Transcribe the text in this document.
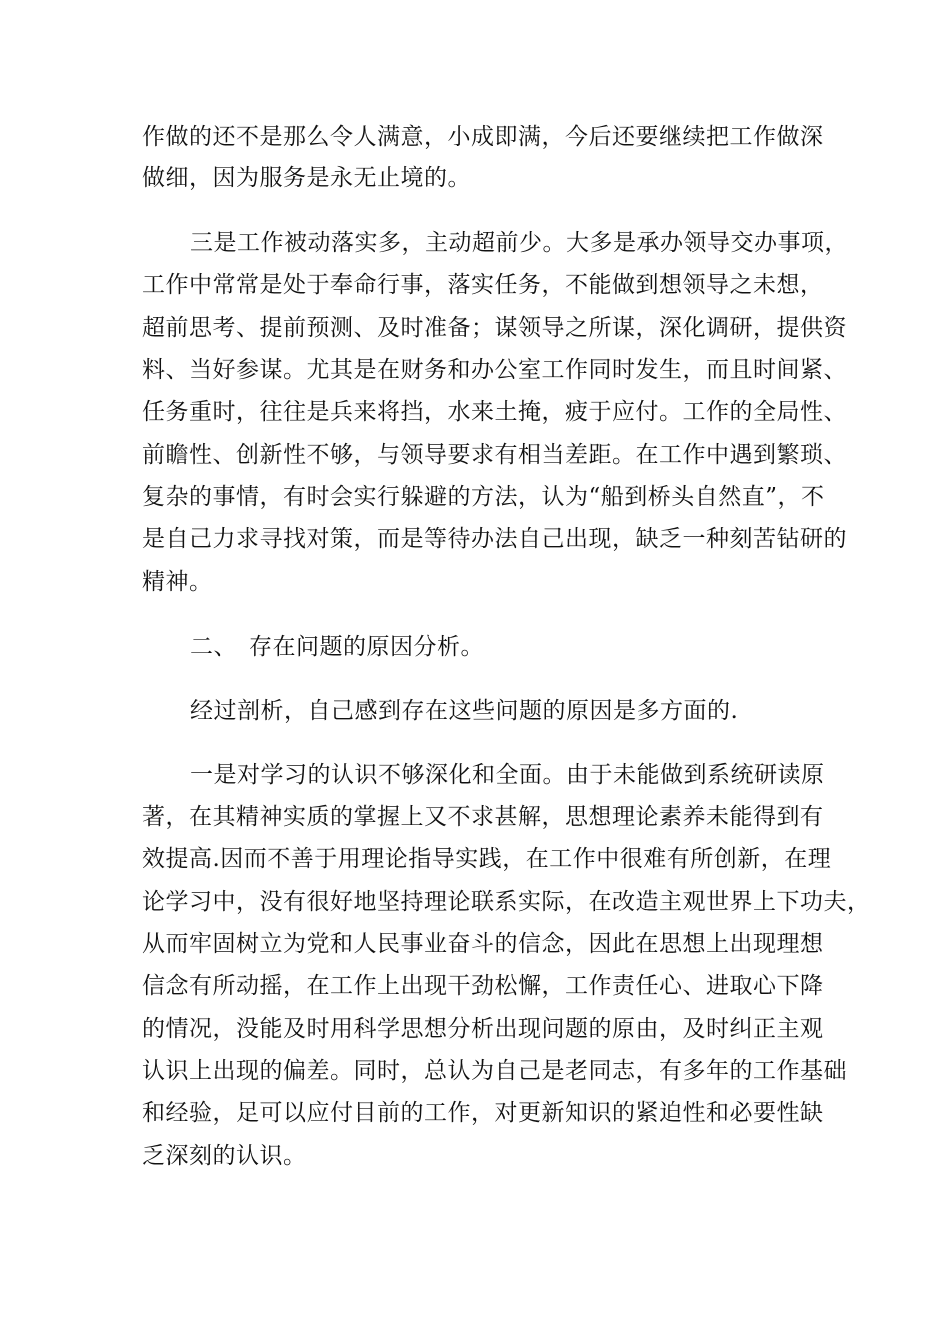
作做的还不是那么令人满意，小成即满，今后还要继续把工作做深
做细，因为服务是永无止境的。
三是工作被动落实多，主动超前少。大多是承办领导交办事项，
工作中常常是处于奉命行事，落实任务，不能做到想领导之未想，
超前思考、提前预测、及时准备；谋领导之所谋，深化调研，提供资
料、当好参谋。尤其是在财务和办公室工作同时发生，而且时间紧、
任务重时，往往是兵来将挡，水来土掩，疲于应付。工作的全局性、
前瞻性、创新性不够，与领导要求有相当差距。在工作中遇到繁琐、
复杂的事情，有时会实行躲避的方法，认为“船到桥头自然直”，不
是自己力求寻找对策，而是等待办法自己出现，缺乏一种刻苦钻研的
精神。
二、　存在问题的原因分析。
经过剖析，自己感到存在这些问题的原因是多方面的.
一是对学习的认识不够深化和全面。由于未能做到系统研读原
著，在其精神实质的掌握上又不求甚解，思想理论素养未能得到有
效提高.因而不善于用理论指导实践，在工作中很难有所创新，在理
论学习中，没有很好地坚持理论联系实际，在改造主观世界上下功夫，
从而牢固树立为党和人民事业奋斗的信念，因此在思想上出现理想
信念有所动摇，在工作上出现干劲松懈，工作责任心、进取心下降
的情况，没能及时用科学思想分析出现问题的原由，及时纠正主观
认识上出现的偏差。同时，总认为自己是老同志，有多年的工作基础
和经验，足可以应付目前的工作，对更新知识的紧迫性和必要性缺
乏深刻的认识。
